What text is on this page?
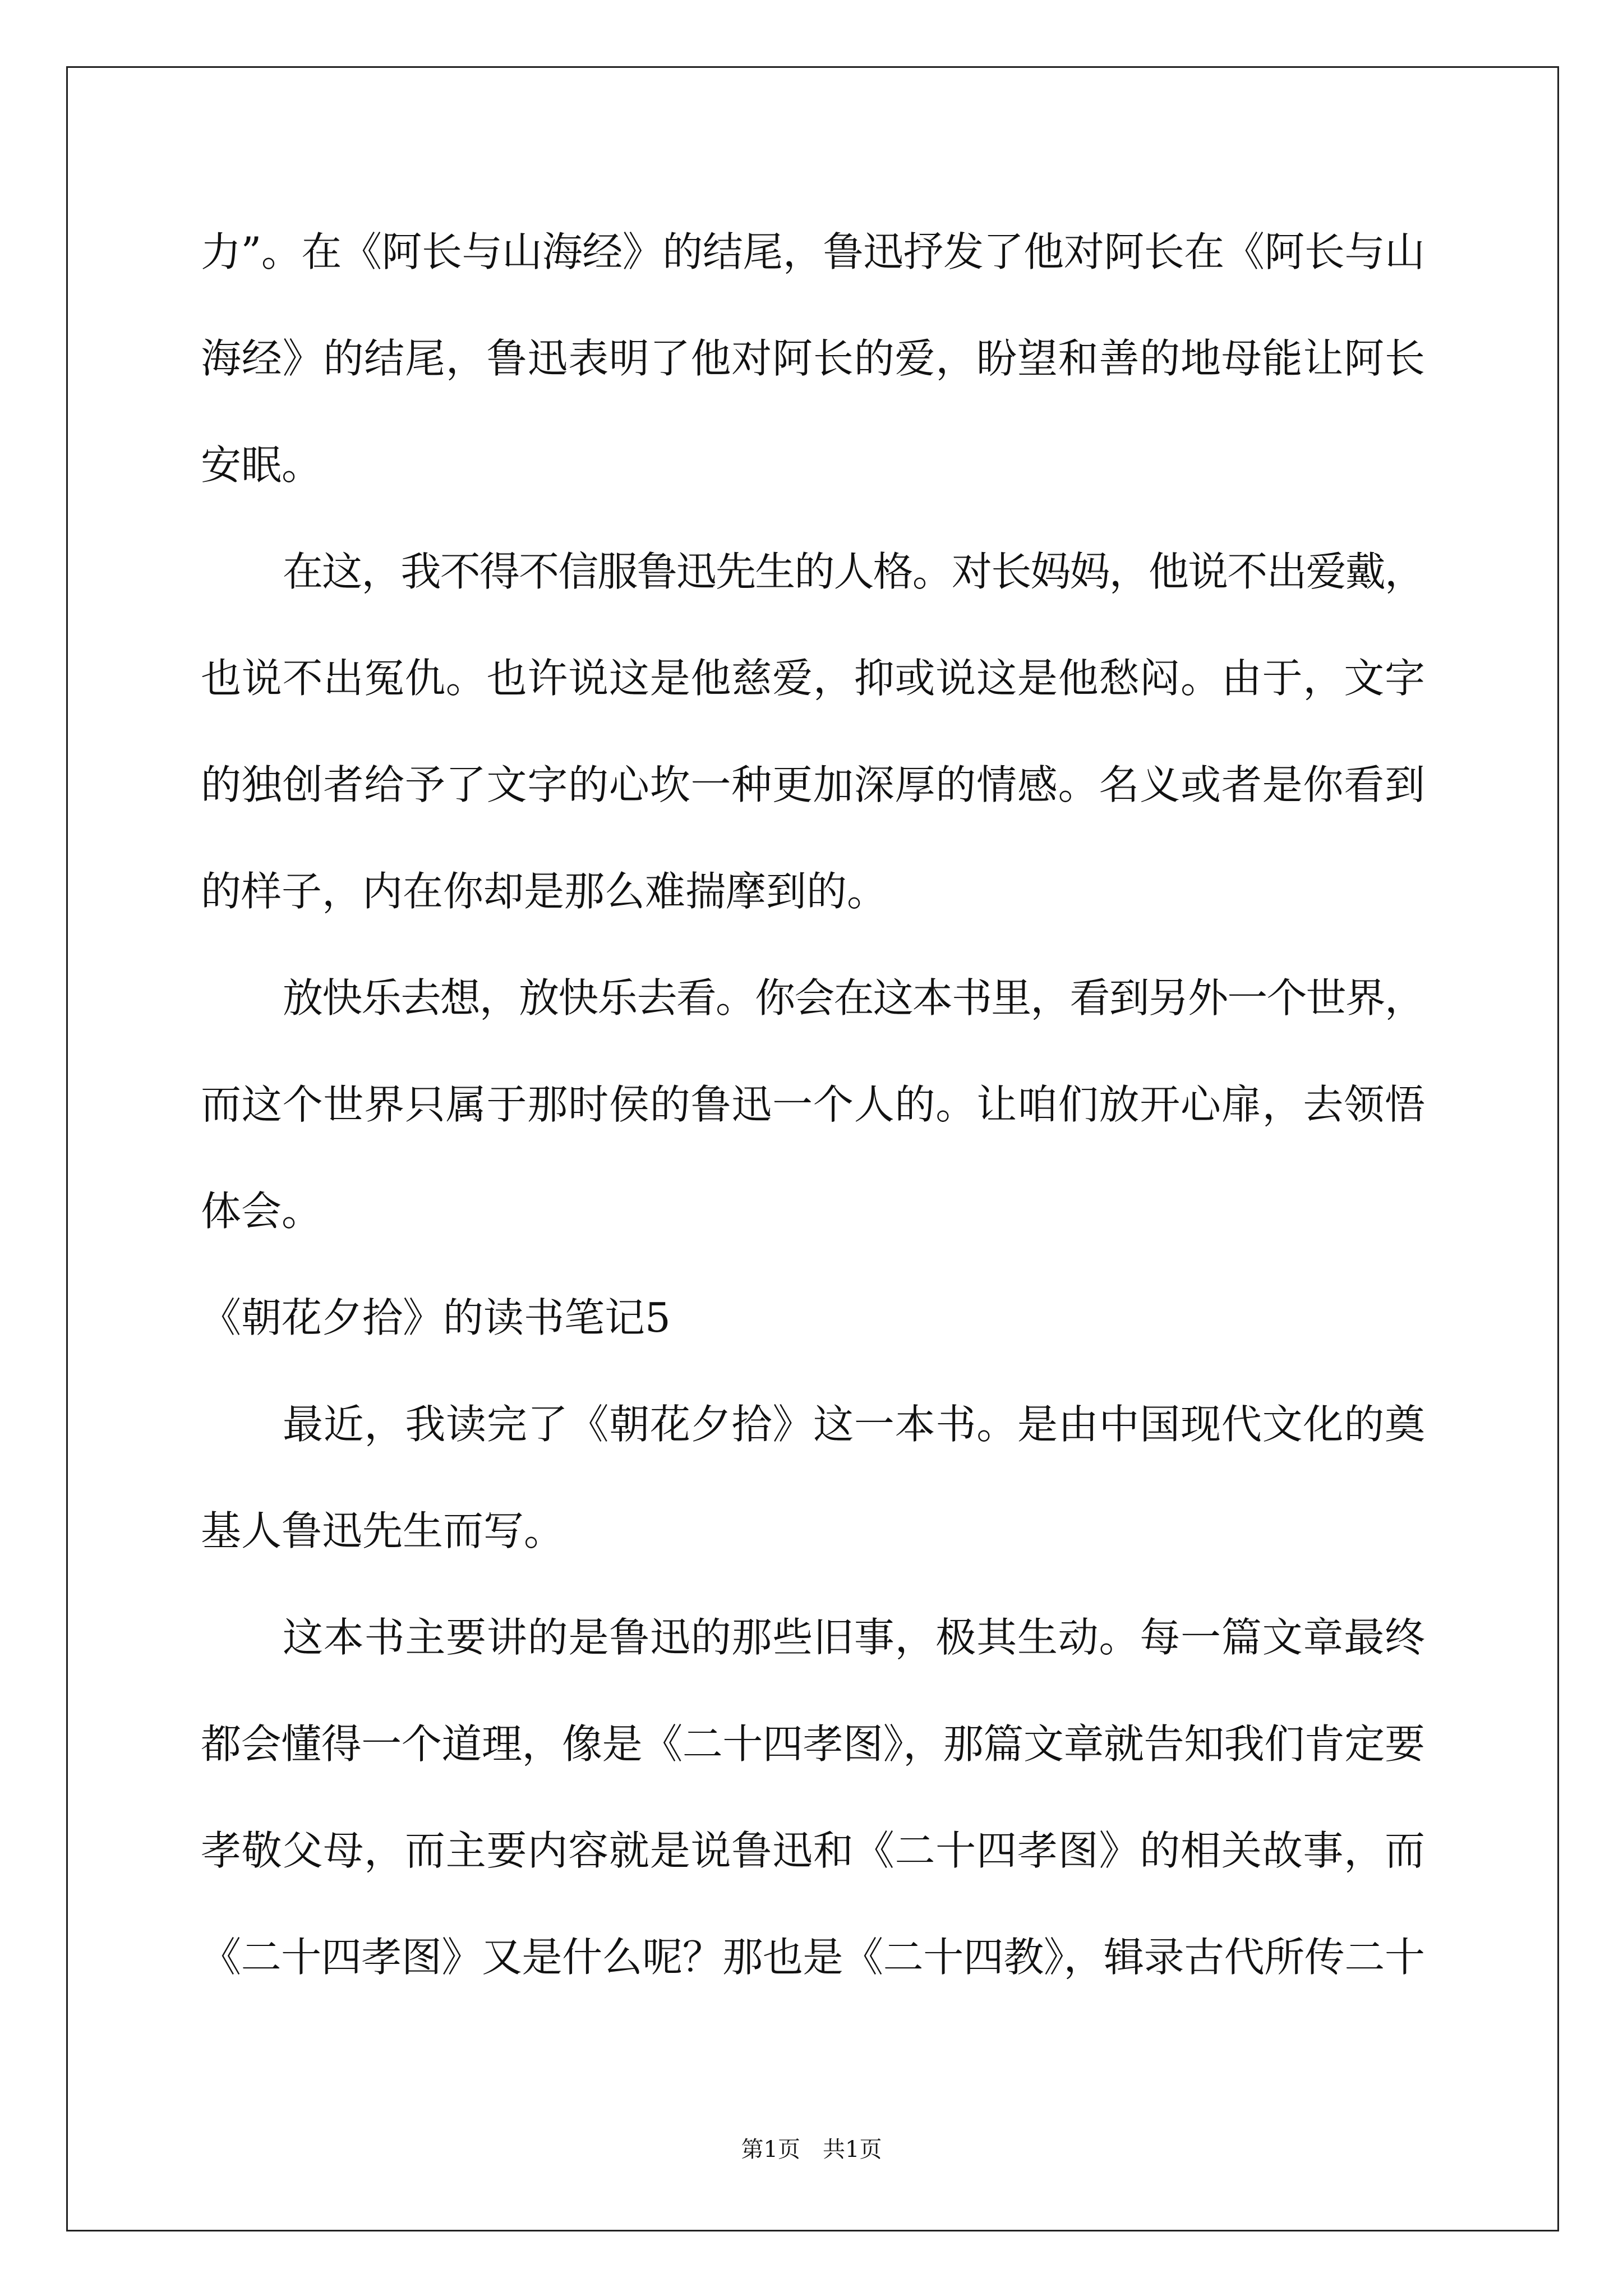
力”。在《阿长与山海经》的结尾，鲁迅抒发了他对阿长在《阿长与山
海经》的结尾，鲁迅表明了他对阿长的爱，盼望和善的地母能让阿长
安眠。
在这，我不得不信服鲁迅先生的人格。对长妈妈，他说不出爱戴，
也说不出冤仇。也许说这是他慈爱，抑或说这是他愁闷。由于，文字
的独创者给予了文字的心坎一种更加深厚的情感。名义或者是你看到
的样子，内在你却是那么难揣摩到的。
放快乐去想，放快乐去看。你会在这本书里，看到另外一个世界，
而这个世界只属于那时侯的鲁迅一个人的。让咱们放开心扉，去领悟
体会。
《朝花夕拾》的读书笔记5
最近，我读完了《朝花夕拾》这一本书。是由中国现代文化的奠
基人鲁迅先生而写。
这本书主要讲的是鲁迅的那些旧事，极其生动。每一篇文章最终
都会懂得一个道理，像是《二十四孝图》，那篇文章就告知我们肯定要
孝敬父母，而主要内容就是说鲁迅和《二十四孝图》的相关故事，而
《二十四孝图》又是什么呢？那也是《二十四教》，辑录古代所传二十
第1页　共1页
